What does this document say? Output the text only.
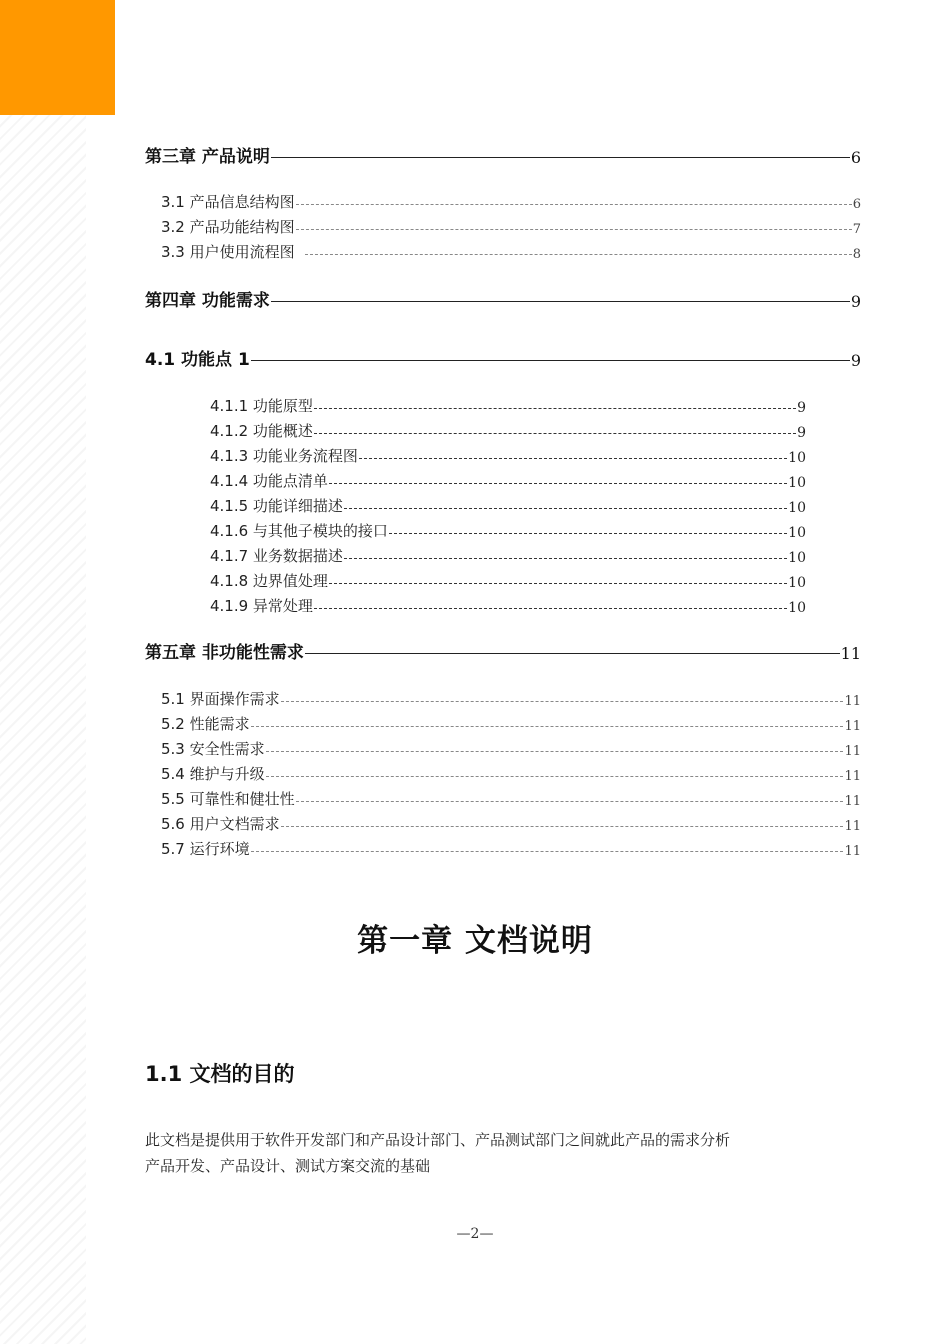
第三章 产品说明	6
3.1 产品信息结构图	6
3.2 产品功能结构图	7
3.3 用户使用流程图	8
第四章 功能需求	9
4.1 功能点 1	9
4.1.1 功能原型	9
4.1.2 功能概述	9
4.1.3 功能业务流程图	10
4.1.4 功能点清单	10
4.1.5 功能详细描述	10
4.1.6 与其他子模块的接口	10
4.1.7 业务数据描述	10
4.1.8 边界值处理	10
4.1.9 异常处理	10
第五章 非功能性需求	11
5.1 界面操作需求	11
5.2 性能需求	11
5.3 安全性需求	11
5.4 维护与升级	11
5.5 可靠性和健壮性	11
5.6 用户文档需求	11
5.7 运行环境	11
第一章 文档说明
1.1 文档的目的
此文档是提供用于软件开发部门和产品设计部门、产品测试部门之间就此产品的需求分析
产品开发、产品设计、测试方案交流的基础
—2—
